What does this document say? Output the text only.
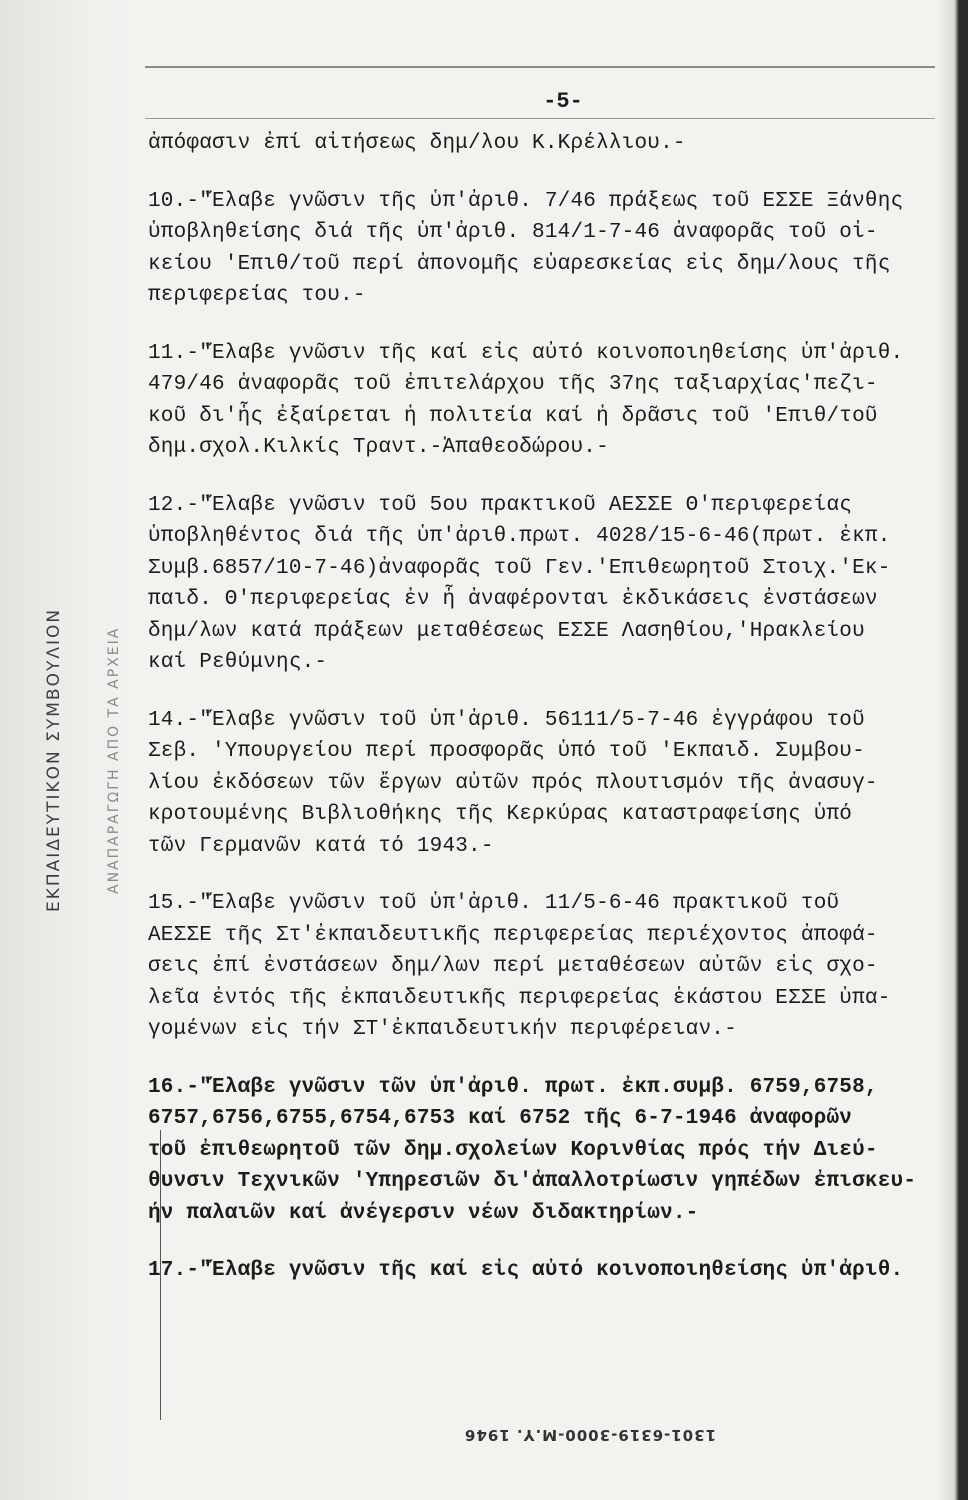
ΕΚΠΑΙΔΕΥΤΙΚΟΝ ΣΥΜΒΟΥΛΙΟΝ	ΑΝΑΠΑΡΑΓΩΓΗ ΑΠΟ ΤΑ ΑΡΧΕΙΑ
-5-
ἀπόφασιν ἐπί αἰτήσεως δημ/λου Κ.Κρέλλιου.-
10.-"Ἔλαβε γνῶσιν τῆς ὑπ'ἀριθ. 7/46 πράξεως τοῦ ΕΣΣΕ Ξάνθης
ὑποβληθείσης διά τῆς ὑπ'ἀριθ. 814/1-7-46 ἀναφορᾶς τοῦ οἰ-
κείου 'Επιθ/τοῦ περί ἀπονομῆς εὐαρεσκείας εἰς δημ/λους τῆς
περιφερείας του.-
11.-"Ἔλαβε γνῶσιν τῆς καί εἰς αὐτό κοινοποιηθείσης ὑπ'ἀριθ.
479/46 ἀναφορᾶς τοῦ ἐπιτελάρχου τῆς 37ης ταξιαρχίας'πεζι-
κοῦ δι'ἧς ἐξαίρεται ἡ πολιτεία καί ἡ δρᾶσις τοῦ 'Επιθ/τοῦ
δημ.σχολ.Κιλκίς Τραντ.-Ἀπαθεοδώρου.-
12.-"Ἔλαβε γνῶσιν τοῦ 5ου πρακτικοῦ ΑΕΣΣΕ Θ'περιφερείας
ὑποβληθέντος διά τῆς ὑπ'ἀριθ.πρωτ. 4028/15-6-46(πρωτ. ἐκπ.
Συμβ.6857/10-7-46)ἀναφορᾶς τοῦ Γεν.'Επιθεωρητοῦ Στοιχ.'Εκ-
παιδ. Θ'περιφερείας ἐν ἧ ἀναφέρονται ἐκδικάσεις ἐνστάσεων
δημ/λων κατά πράξεων μεταθέσεως ΕΣΣΕ Λασηθίου,'Ηρακλείου
καί Ρεθύμνης.-
14.-"Ἔλαβε γνῶσιν τοῦ ὑπ'ἀριθ. 56111/5-7-46 ἐγγράφου τοῦ
Σεβ. 'Υπουργείου περί προσφορᾶς ὑπό τοῦ 'Εκπαιδ. Συμβου-
λίου ἐκδόσεων τῶν ἔργων αὐτῶν πρός πλουτισμόν τῆς ἀνασυγ-
κροτουμένης Βιβλιοθήκης τῆς Κερκύρας καταστραφείσης ὑπό
τῶν Γερμανῶν κατά τό 1943.-
15.-"Ἔλαβε γνῶσιν τοῦ ὑπ'ἀριθ. 11/5-6-46 πρακτικοῦ τοῦ
ΑΕΣΣΕ τῆς Στ'ἐκπαιδευτικῆς περιφερείας περιέχοντος ἀποφά-
σεις ἐπί ἐνστάσεων δημ/λων περί μεταθέσεων αὐτῶν εἰς σχο-
λεῖα ἐντός τῆς ἐκπαιδευτικῆς περιφερείας ἑκάστου ΕΣΣΕ ὑπα-
γομένων εἰς τήν ΣΤ'ἐκπαιδευτικήν περιφέρειαν.-
16.-"Ἔλαβε γνῶσιν τῶν ὑπ'ἀριθ. πρωτ. ἐκπ.συμβ. 6759,6758,
6757,6756,6755,6754,6753 καί 6752 τῆς 6-7-1946 ἀναφορῶν
τοῦ ἐπιθεωρητοῦ τῶν δημ.σχολείων Κορινθίας πρός τήν Διεύ-
θυνσιν Τεχνικῶν 'Υπηρεσιῶν δι'ἀπαλλοτρίωσιν γηπέδων ἐπισκευ-
ήν παλαιῶν καί ἀνέγερσιν νέων διδακτηρίων.-
17.-"Ἔλαβε γνῶσιν τῆς καί εἰς αὐτό κοινοποιηθείσης ὑπ'ἀριθ.
1301-6319-3000-Μ.Υ. 1946
